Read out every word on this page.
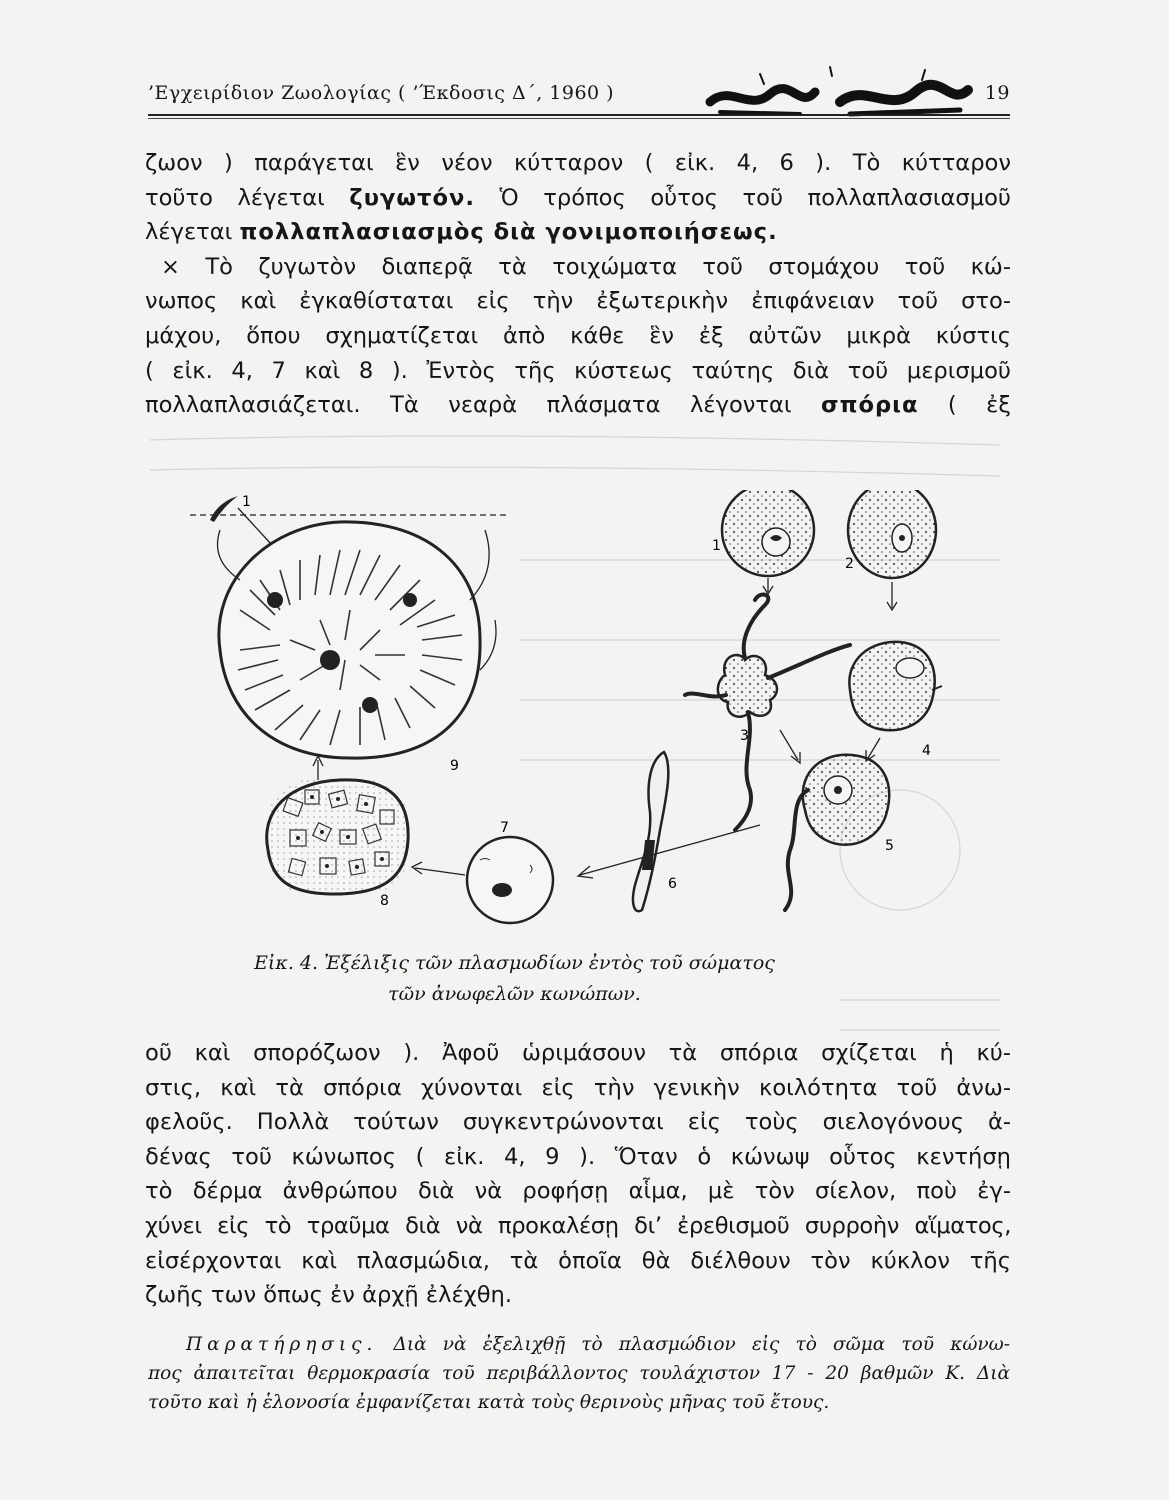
’Εγχειρίδιον Ζωολογίας ( ’Έκδοσις Δ΄, 1960 )	19
ζωον ) παράγεται ἓν νέον κύτταρον ( εἰκ. 4, 6 ). Τὸ κύτταρον
τοῦτο λέγεται ζυγωτόν. Ὁ τρόπος οὗτος τοῦ πολλαπλασιασμοῦ
λέγεται πολλαπλασιασμὸς διὰ γονιμοποιήσεως.
× Τὸ ζυγωτὸν διαπερᾷ τὰ τοιχώματα τοῦ στομάχου τοῦ κώ-
νωπος καὶ ἐγκαθίσταται εἰς τὴν ἐξωτερικὴν ἐπιφάνειαν τοῦ στο-
μάχου, ὅπου σχηματίζεται ἀπὸ κάθε ἓν ἐξ αὐτῶν μικρὰ κύστις
( εἰκ. 4, 7 καὶ 8 ). Ἐντὸς τῆς κύστεως ταύτης διὰ τοῦ μερισμοῦ
πολλαπλασιάζεται. Τὰ νεαρὰ πλάσματα λέγονται σπόρια ( ἐξ
1
9
8
7
6
1
2
3
4
5
Εἰκ. 4. Ἐξέλιξις τῶν πλασμωδίων ἐντὸς τοῦ σώματος
τῶν ἀνωφελῶν κωνώπων.
οῦ καὶ σπορόζωον ). Ἀφοῦ ὡριμάσουν τὰ σπόρια σχίζεται ἡ κύ-
στις, καὶ τὰ σπόρια χύνονται εἰς τὴν γενικὴν κοιλότητα τοῦ ἀνω-
φελοῦς. Πολλὰ τούτων συγκεντρώνονται εἰς τοὺς σιελογόνους ἀ-
δένας τοῦ κώνωπος ( εἰκ. 4, 9 ). Ὅταν ὁ κώνωψ οὗτος κεντήσῃ
τὸ δέρμα ἀνθρώπου διὰ νὰ ροφήσῃ αἷμα, μὲ τὸν σίελον, ποὺ ἐγ-
χύνει εἰς τὸ τραῦμα διὰ νὰ προκαλέσῃ δι’ ἐρεθισμοῦ συρροὴν αἵματος,
εἰσέρχονται καὶ πλασμώδια, τὰ ὁποῖα θὰ διέλθουν τὸν κύκλον τῆς
ζωῆς των ὅπως ἐν ἀρχῇ ἐλέχθη.
Παρατήρησις. Διὰ νὰ ἐξελιχθῇ τὸ πλασμώδιον εἰς τὸ σῶμα τοῦ κώνω-
πος ἀπαιτεῖται θερμοκρασία τοῦ περιβάλλοντος τουλάχιστον 17 - 20 βαθμῶν Κ. Διὰ
τοῦτο καὶ ἡ ἑλονοσία ἐμφανίζεται κατὰ τοὺς θερινοὺς μῆνας τοῦ ἔτους.
